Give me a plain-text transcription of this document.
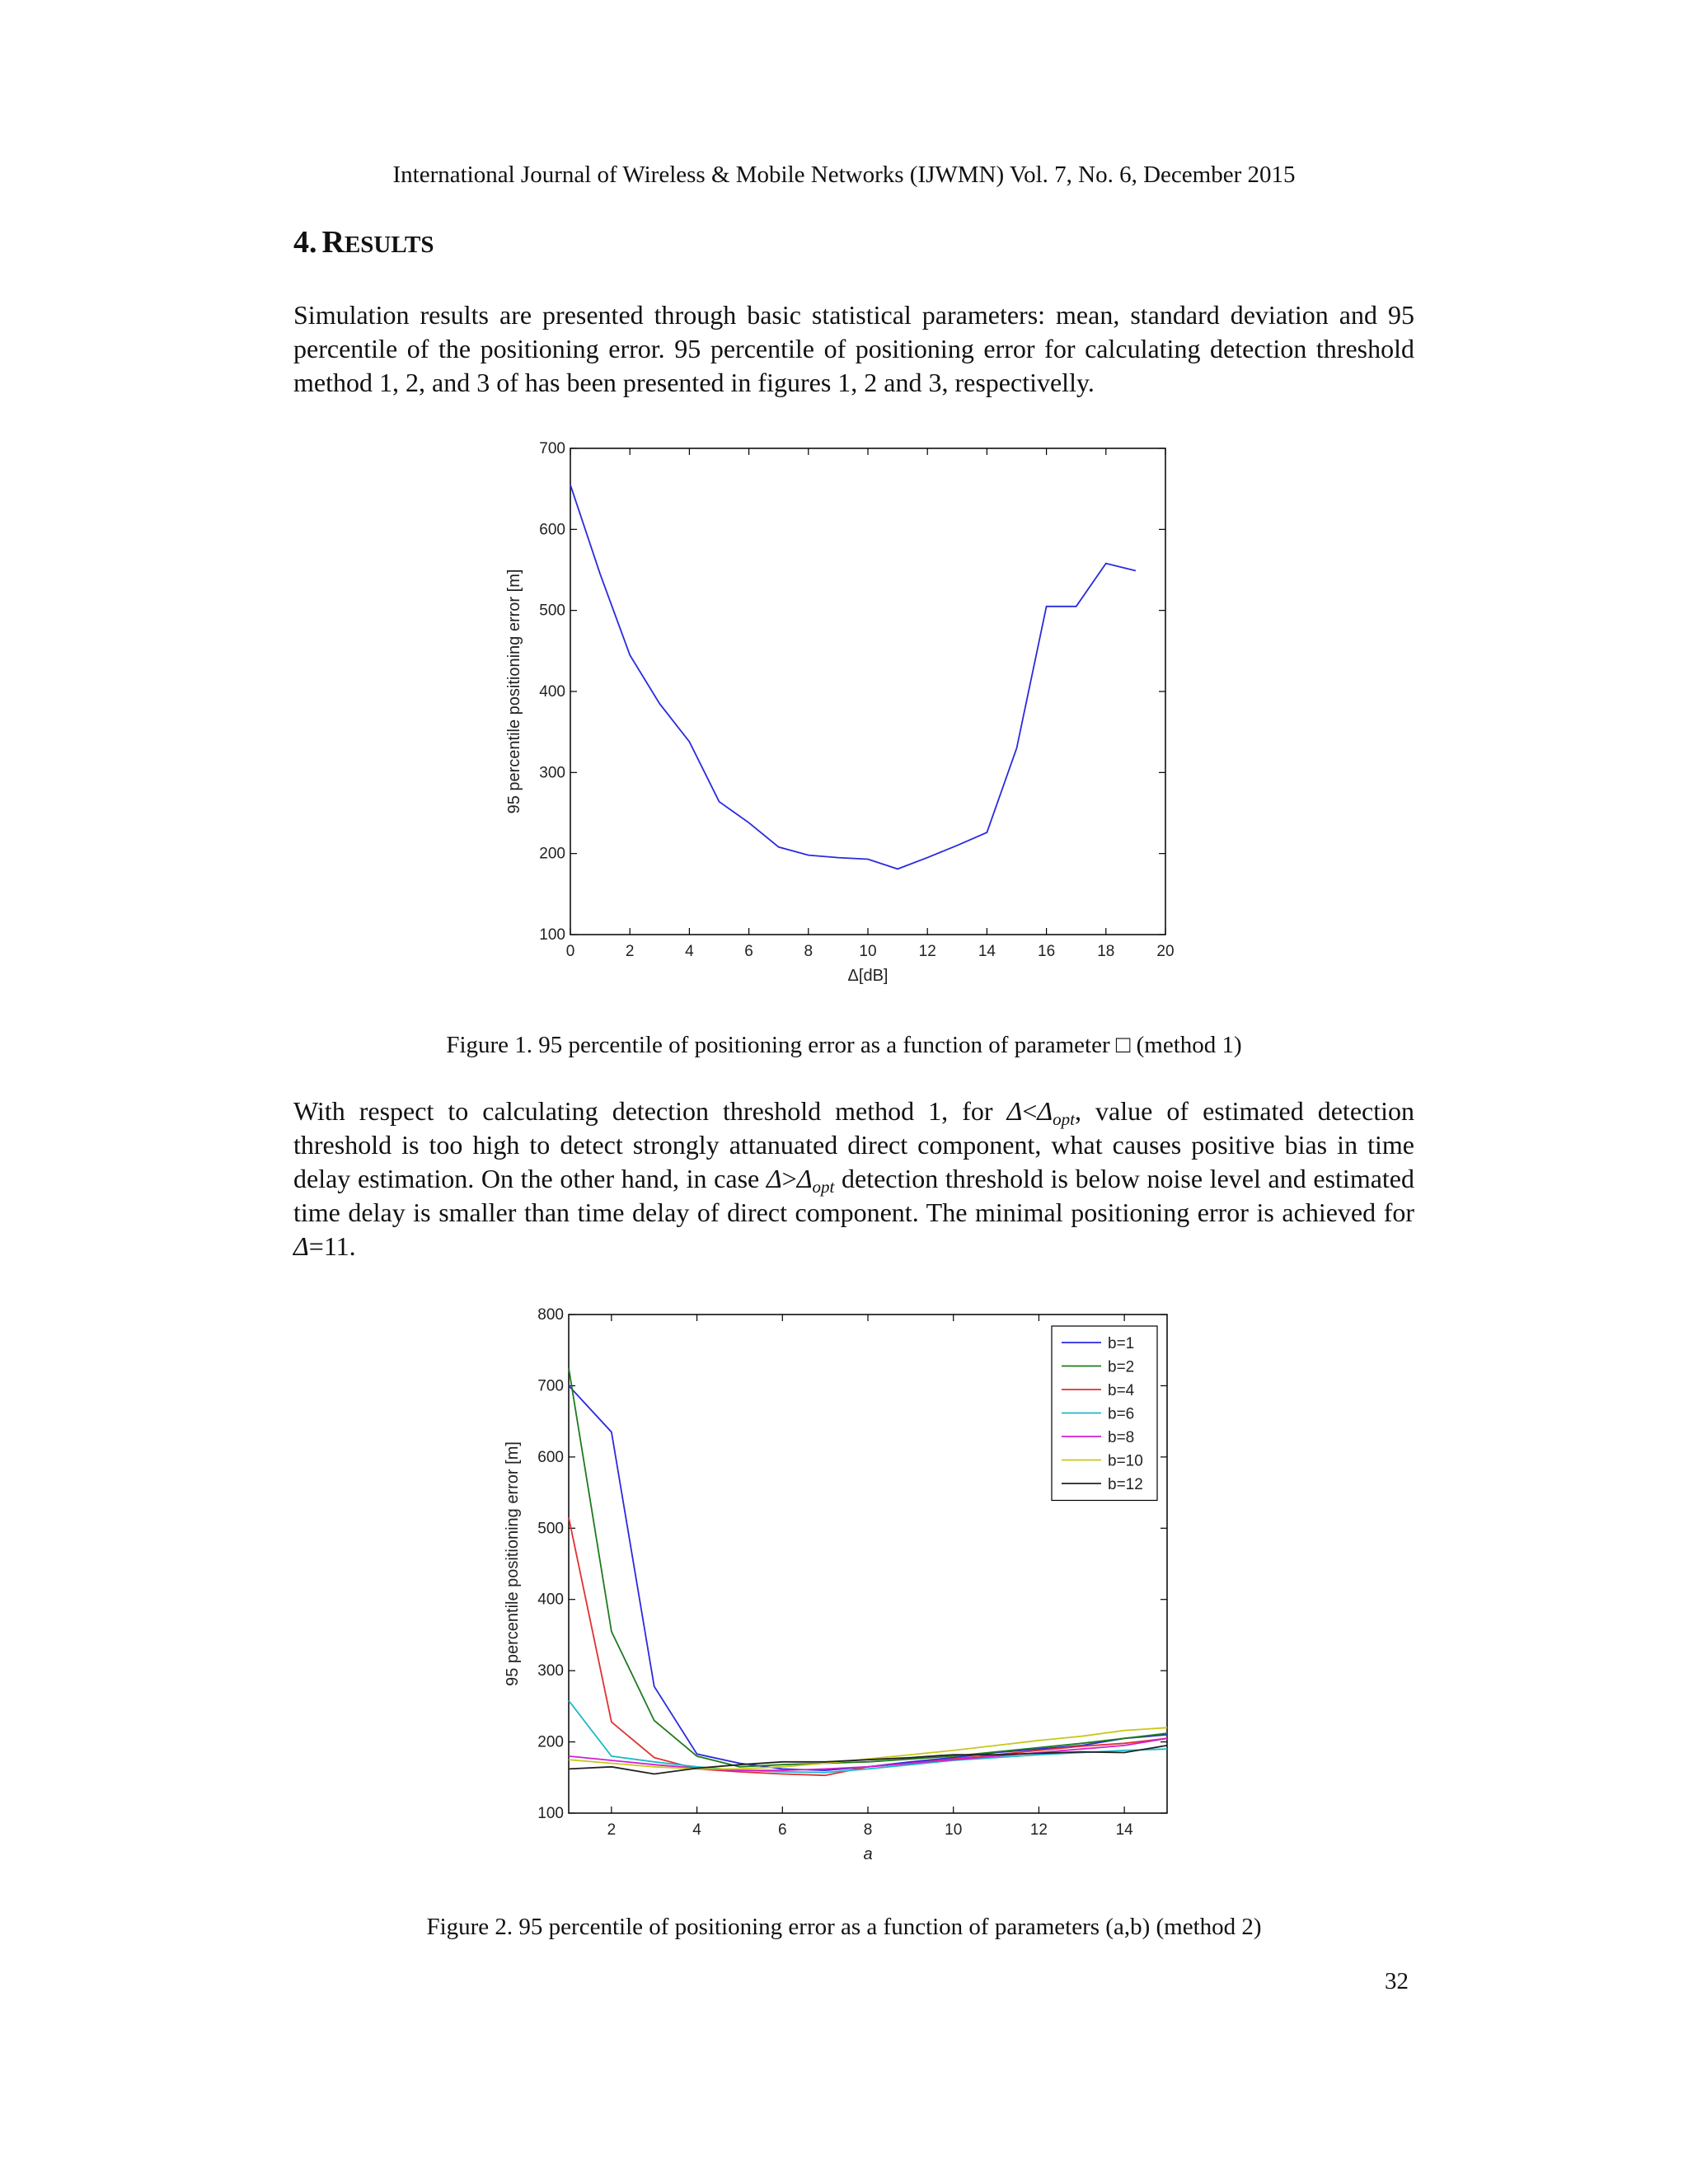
International Journal of Wireless & Mobile Networks (IJWMN) Vol. 7, No. 6, December 2015
4. RESULTS
Simulation results are presented through basic statistical parameters: mean, standard deviation and 95 percentile of the positioning error. 95 percentile of positioning error for calculating detection threshold method 1, 2, and 3 of has been presented in figures 1, 2 and 3, respectivelly.
0	2	4	6	8	10	12	14	16	18	20
100
200
300
400
500
600
700
Δ[dB]
95 percentile positioning error [m]
Figure 1. 95 percentile of positioning error as a function of parameter □ (method 1)
With respect to calculating detection threshold method 1, for $\Delta<\Delta_{opt}$, value of estimated detection threshold is too high to detect strongly attanuated direct component, what causes positive bias in time delay estimation. On the other hand, in case $\Delta>\Delta_{opt}$ detection threshold is below noise level and estimated time delay is smaller than time delay of direct component. The minimal positioning error is achieved for Δ=11.
2	4	6	8	10	12	14
100
200
300
400
500
600
700
800
a
95 percentile positioning error [m]
b=1
b=2
b=4
b=6
b=8
b=10
b=12
Figure 2. 95 percentile of positioning error as a function of parameters (a,b) (method 2)
32
